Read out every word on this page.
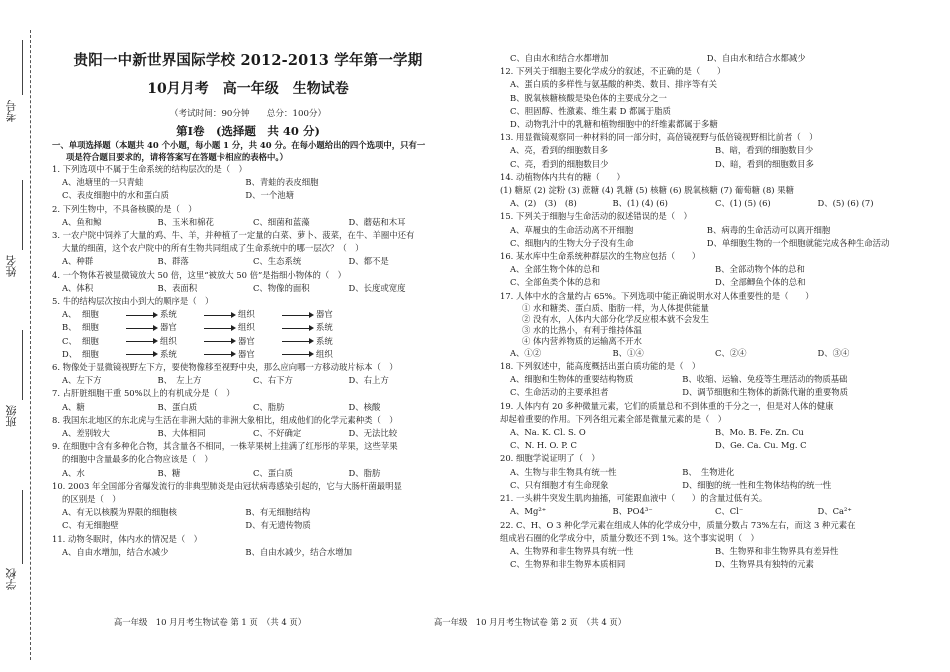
考号
姓名
班级
学校
贵阳一中新世界国际学校 2012-2013 学年第一学期
10月月考　高一年级　生物试卷
（考试时间：90分钟　　总分：100分）
第Ⅰ卷　(选择题　共 40 分)
一、单项选择题（本题共 40 个小题，每小题 1 分，共 40 分。在每小题给出的四个选项中，只有一
项是符合题目要求的，请将答案写在答题卡相应的表格中。）
1. 下列选项中不属于生命系统的结构层次的是（　）
A、池塘里的一只青蛙	B、青蛙的表皮细胞
C、表皮细胞中的水和蛋白质	D、一个池塘
2. 下列生物中，不具备核膜的是（　）
A、鱼和鲸	B、玉米和棉花	C、细菌和蓝藻	D、蘑菇和木耳
3. 一农户院中饲养了大量的鸡、牛、羊，并种植了一定量的白菜、萝卜、菠菜，在牛、羊圈中还有
大量的细菌，这个农户院中的所有生物共同组成了生命系统中的哪一层次？（　）
A、种群	B、群落	C、生态系统	D、都不是
4. 一个物体若被显微镜放大 50 倍，这里“被放大 50 倍”是指细小物体的（　）
A、体积	B、表面积	C、物像的面积	D、长度或宽度
5. 牛的结构层次按由小到大的顺序是（　）
A、 细胞	系统	组织	器官
B、 细胞	器官	组织	系统
C、 细胞	组织	器官	系统
D、 细胞	系统	器官	组织
6. 物像处于显微镜视野左下方，要使物像移至视野中央，那么应向哪一方移动玻片标本（　）
A、左下方	B、　左上方	C、右下方	D、右上方
7. 占肝脏细胞干重 50%以上的有机成分是（　）
A、糖	B、蛋白质	C、脂肪	D、核酸
8. 我国东北地区的东北虎与生活在非洲大陆的非洲大象相比，组成他们的化学元素种类（　）
A、差别较大	B、大体相同	C、不好确定	D、无法比较
9. 在细胞中含有多种化合物，其含量各不相同，一株苹果树上挂满了红彤彤的苹果，这些苹果
的细胞中含量最多的化合物应该是（　）
A、水	B、糖	C、蛋白质	D、脂肪
10. 2003 年全国部分省爆发流行的非典型肺炎是由冠状病毒感染引起的，它与大肠杆菌最明显
的区别是（　）
A、有无以核膜为界限的细胞核	B、有无细胞结构
C、有无细胞壁	D、有无遗传物质
11. 动物冬眠时，体内水的情况是（　）
A、自由水增加，结合水减少	B、自由水减少，结合水增加
高一年级　10 月月考生物试卷 第 1 页　（共 4 页）
C、自由水和结合水都增加	D、自由水和结合水都减少
12. 下列关于细胞主要化学成分的叙述，不正确的是（　　）
A、蛋白质的多样性与氨基酸的种类、数目、排序等有关
B、脱氧核糖核酸是染色体的主要成分之一
C、胆固醇、性激素、维生素 D 都属于脂质
D、动物乳汁中的乳糖和植物细胞中的纤维素都属于多糖
13. 用显微镜观察同一种材料的同一部分时，高倍镜视野与低倍镜视野相比前者（　）
A、亮，看到的细胞数目多	B、暗，看到的细胞数目少
C、亮，看到的细胞数目少	D、暗，看到的细胞数目多
14. 动植物体内共有的糖（　　）
(1) 糖原 (2) 淀粉 (3) 蔗糖 (4) 乳糖 (5) 核糖 (6) 脱氧核糖 (7) 葡萄糖 (8) 果糖
A、(2)　(3)　(8)	B、(1) (4) (6)	C、(1) (5) (6)	D、(5) (6) (7)
15. 下列关于细胞与生命活动的叙述错误的是（　）
A、草履虫的生命活动离不开细胞	B、病毒的生命活动可以离开细胞
C、细胞内的生物大分子没有生命	D、单细胞生物的一个细胞就能完成各种生命活动
16. 某水库中生命系统种群层次的生物应包括（　　）
A、全部生物个体的总和	B、全部动物个体的总和
C、全部鱼类个体的总和	D、全部鲫鱼个体的总和
17. 人体中水的含量约占 65%。下列选项中能正确说明水对人体重要性的是（　　）
① 水和糖类、蛋白质、脂肪一样，为人体提供能量
② 没有水，人体内大部分化学反应根本就不会发生
③ 水的比热小，有利于维持体温
④ 体内营养物质的运输离不开水
A、①②	B、①④	C、②④	D、③④
18. 下列叙述中，能高度概括出蛋白质功能的是（　）
A、细胞和生物体的重要结构物质	B、收缩、运输、免疫等生理活动的物质基础
C、生命活动的主要承担者	D、调节细胞和生物体的新陈代谢的重要物质
19. 人体内有 20 多种微量元素，它们的质量总和不到体重的千分之一，但是对人体的健康
却起着重要的作用。下列各组元素全部是微量元素的是（　）
A、Na. K. Cl. S. O	B、Mo. B. Fe. Zn. Cu
C、N. H. O. P. C	D、Ge. Ca. Cu. Mg. C
20. 细胞学说证明了（　）
A、生物与非生物具有统一性	B、　生物进化
C、只有细胞才有生命现象	D、细胞的统一性和生物体结构的统一性
21. 一头耕牛突发生肌肉抽搐，可能跟血液中（　　）的含量过低有关。
A、Mg²⁺	B、PO4³⁻	C、Cl⁻	D、Ca²⁺
22. C、H、O 3 种化学元素在组成人体的化学成分中，质量分数占 73%左右，而这 3 种元素在
组成岩石圈的化学成分中，质量分数还不到 1%。这个事实说明（　）
A、生物界和非生物界具有统一性	B、生物界和非生物界具有差异性
C、生物界和非生物界本质相同	D、生物界具有独特的元素
高一年级　10 月月考生物试卷 第 2 页　（共 4 页）
